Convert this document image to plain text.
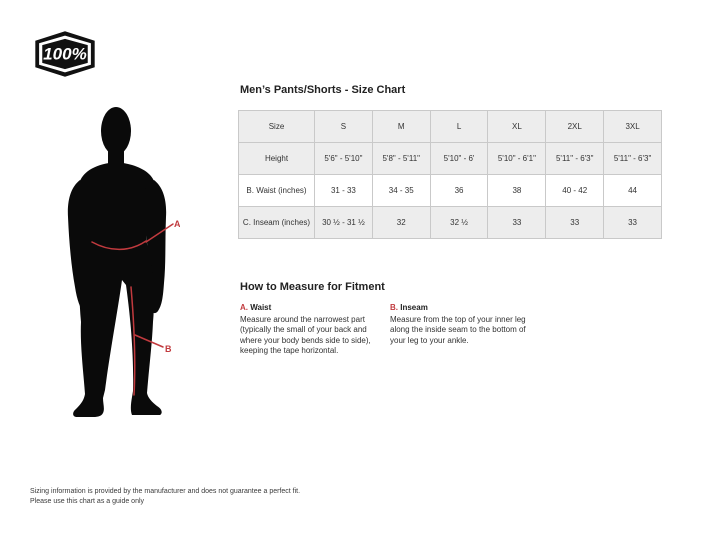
100%
A
B
Men’s Pants/Shorts - Size Chart
Size	S	M	L	XL	2XL	3XL
Height	5'6" - 5'10"	5'8" - 5'11"	5'10" - 6'	5'10" - 6'1"	5'11" - 6'3"	5'11" - 6'3"
B. Waist (inches)	31 - 33	34 - 35	36	38	40 - 42	44
C. Inseam (inches)	30 ½ - 31 ½	32	32 ½	33	33	33
How to Measure for Fitment
A. Waist

Measure around the narrowest part (typically the small of your back and where your body bends side to side), keeping the tape horizontal.

B. Inseam

Measure from the top of your inner leg along the inside seam to the bottom of your leg to your ankle.

Sizing information is provided by the manufacturer and does not guarantee a perfect fit.
Please use this chart as a guide only
